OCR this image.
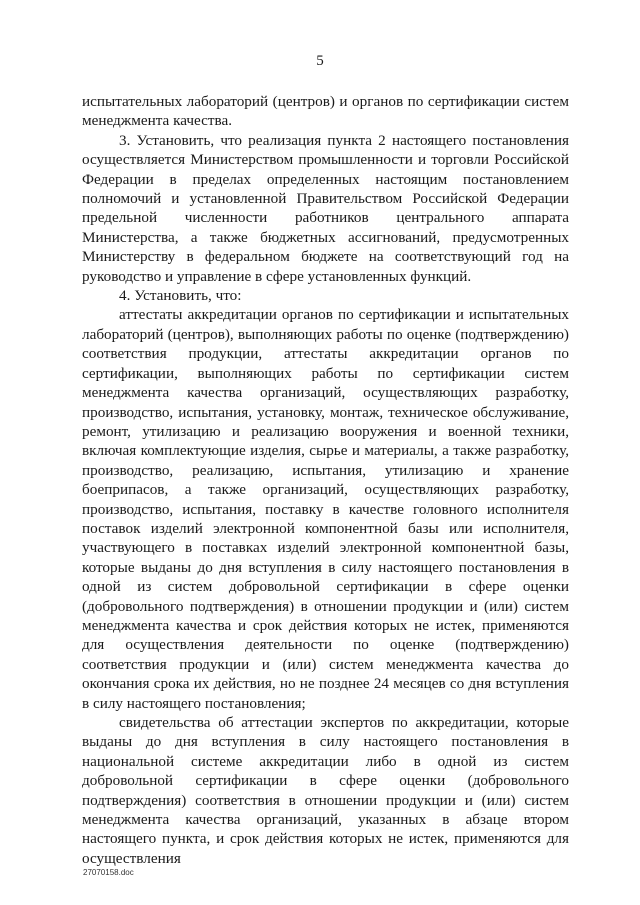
5

испытательных лабораторий (центров) и органов по сертификации систем менеджмента качества.

3. Установить, что реализация пункта 2 настоящего постановления осуществляется Министерством промышленности и торговли Российской Федерации в пределах определенных настоящим постановлением полномочий и установленной Правительством Российской Федерации предельной численности работников центрального аппарата Министерства, а также бюджетных ассигнований, предусмотренных Министерству в федеральном бюджете на соответствующий год на руководство и управление в сфере установленных функций.

4. Установить, что:

аттестаты аккредитации органов по сертификации и испытательных лабораторий (центров), выполняющих работы по оценке (подтверждению) соответствия продукции, аттестаты аккредитации органов по сертификации, выполняющих работы по сертификации систем менеджмента качества организаций, осуществляющих разработку, производство, испытания, установку, монтаж, техническое обслуживание, ремонт, утилизацию и реализацию вооружения и военной техники, включая комплектующие изделия, сырье и материалы, а также разработку, производство, реализацию, испытания, утилизацию и хранение боеприпасов, а также организаций, осуществляющих разработку, производство, испытания, поставку в качестве головного исполнителя поставок изделий электронной компонентной базы или исполнителя, участвующего в поставках изделий электронной компонентной базы, которые выданы до дня вступления в силу настоящего постановления в одной из систем добровольной сертификации в сфере оценки (добровольного подтверждения) в отношении продукции и (или) систем менеджмента качества и срок действия которых не истек, применяются для осуществления деятельности по оценке (подтверждению) соответствия продукции и (или) систем менеджмента качества до окончания срока их действия, но не позднее 24 месяцев со дня вступления в силу настоящего постановления;

свидетельства об аттестации экспертов по аккредитации, которые выданы до дня вступления в силу настоящего постановления в национальной системе аккредитации либо в одной из систем добровольной сертификации в сфере оценки (добровольного подтверждения) соответствия в отношении продукции и (или) систем менеджмента качества организаций, указанных в абзаце втором настоящего пункта, и срок действия которых не истек, применяются для осуществления

27070158.doc
